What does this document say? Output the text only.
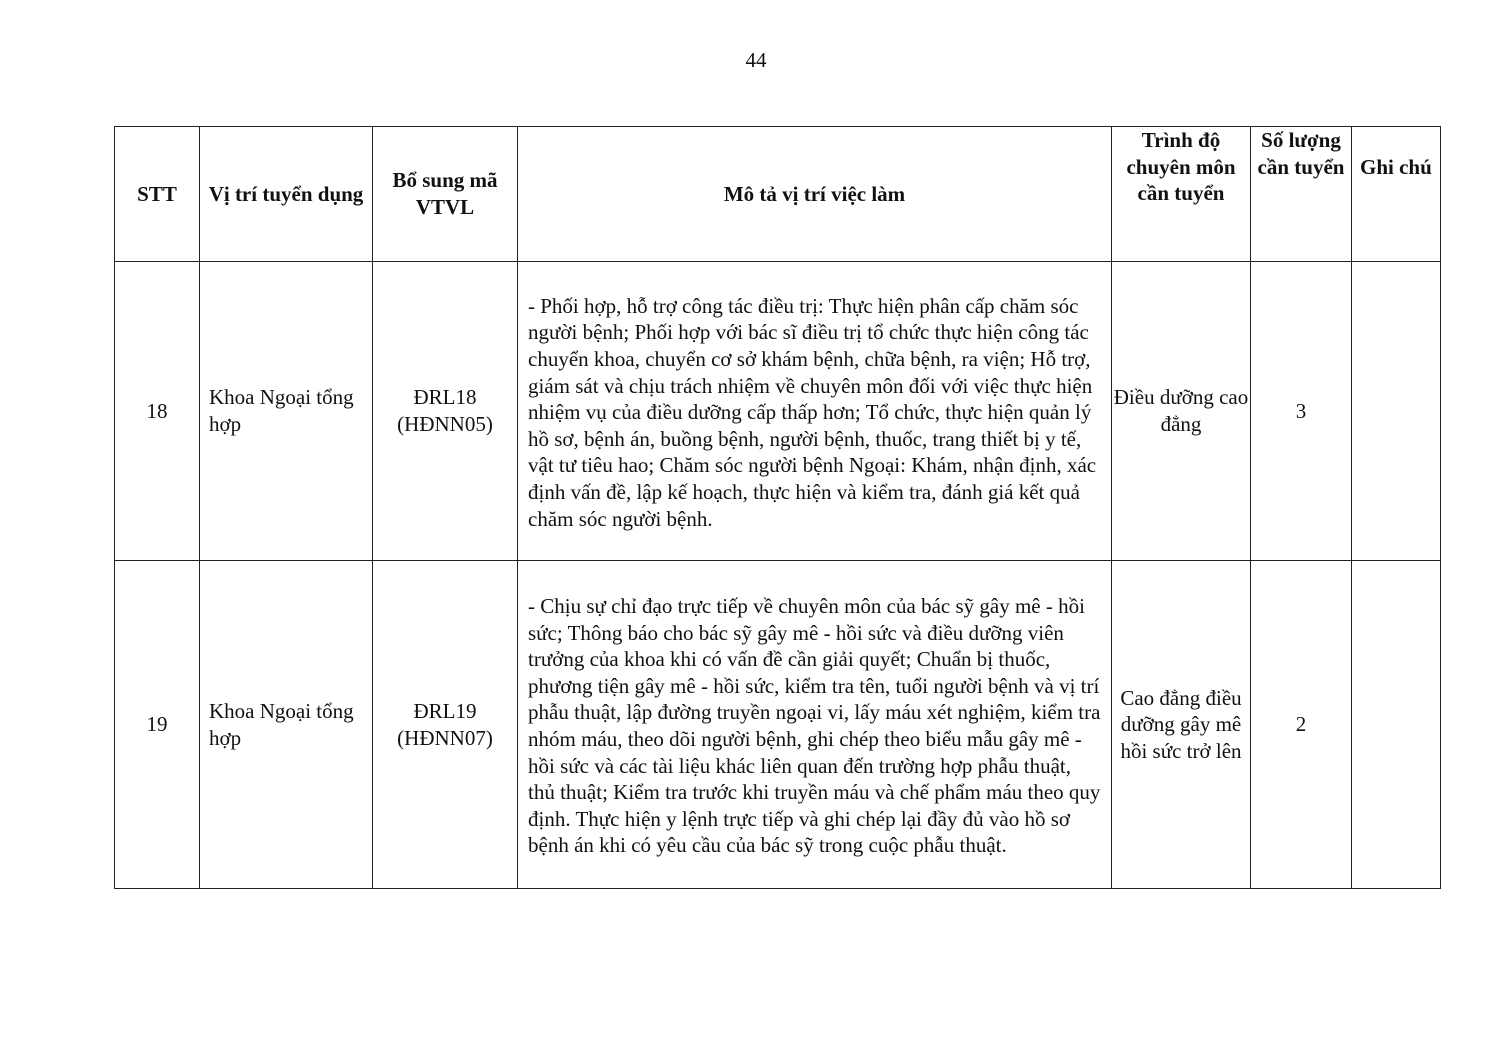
44
STT	Vị trí tuyển dụng	Bổ sung mã VTVL	Mô tả vị trí việc làm	Trình độ chuyên môn cần tuyển	Số lượng cần tuyển	Ghi chú
18	Khoa Ngoại tổng hợp	ĐRL18 (HĐNN05)	- Phối hợp, hỗ trợ công tác điều trị: Thực hiện phân cấp chăm sóc người bệnh; Phối hợp với bác sĩ điều trị tổ chức thực hiện công tác chuyển khoa, chuyển cơ sở khám bệnh, chữa bệnh, ra viện; Hỗ trợ, giám sát và chịu trách nhiệm về chuyên môn đối với việc thực hiện nhiệm vụ của điều dưỡng cấp thấp hơn; Tổ chức, thực hiện quản lý hồ sơ, bệnh án, buồng bệnh, người bệnh, thuốc, trang thiết bị y tế, vật tư tiêu hao; Chăm sóc người bệnh Ngoại: Khám, nhận định, xác định vấn đề, lập kế hoạch, thực hiện và kiểm tra, đánh giá kết quả chăm sóc người bệnh.	Điều dưỡng cao đẳng	3	
19	Khoa Ngoại tổng hợp	ĐRL19 (HĐNN07)	- Chịu sự chỉ đạo trực tiếp về chuyên môn của bác sỹ gây mê - hồi sức; Thông báo cho bác sỹ gây mê - hồi sức và điều dưỡng viên trưởng của khoa khi có vấn đề cần giải quyết; Chuẩn bị thuốc, phương tiện gây mê - hồi sức, kiểm tra tên, tuổi người bệnh và vị trí phẫu thuật, lập đường truyền ngoại vi, lấy máu xét nghiệm, kiểm tra nhóm máu, theo dõi người bệnh, ghi chép theo biểu mẫu gây mê - hồi sức và các tài liệu khác liên quan đến trường hợp phẫu thuật, thủ thuật; Kiểm tra trước khi truyền máu và chế phẩm máu theo quy định. Thực hiện y lệnh trực tiếp và ghi chép lại đầy đủ vào hồ sơ bệnh án khi có yêu cầu của bác sỹ trong cuộc phẫu thuật.	Cao đẳng điều dưỡng gây mê hồi sức trở lên	2	
